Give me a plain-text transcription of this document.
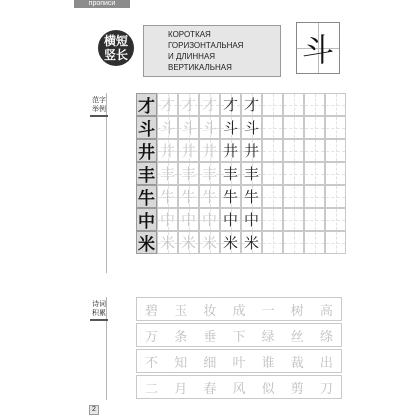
прописи
横短
竖长
КОРОТКАЯ ГОРИЗОНТАЛЬНАЯ
И ДЛИННАЯ ВЕРТИКАЛЬНАЯ	斗
范字
举例 才 才 才 才 才 才
斗 斗 斗 斗 斗 斗
井 井 井 井 井 井
丰 丰 丰 丰 丰 丰
牛 牛 牛 牛 牛 牛
中 中 中 中 中 中
米 米 米 米 米 米
诗词
积累	碧	玉	妆	成	一	树	高
万	条	垂	下	绿	丝	绦
不	知	细	叶	谁	裁	出
二	月	春	风	似	剪	刀
2
